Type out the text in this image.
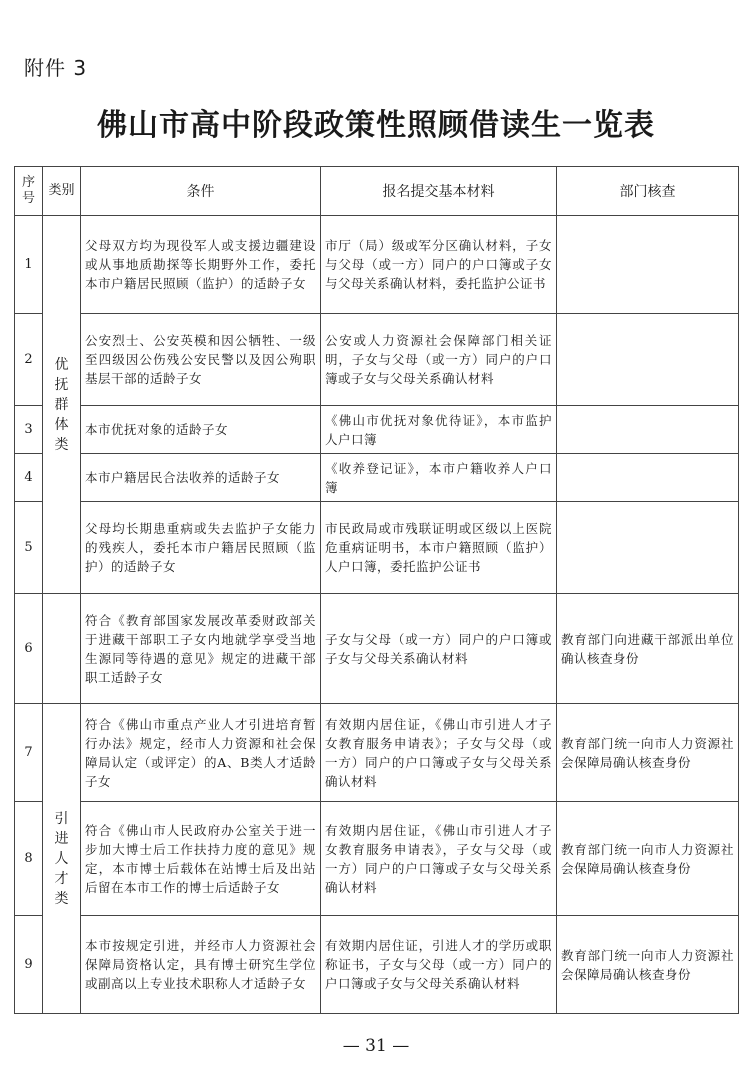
附件 3
佛山市高中阶段政策性照顾借读生一览表
序号	类别	条件	报名提交基本材料	部门核查
1	优抚群体类	父母双方均为现役军人或支援边疆建设或从事地质勘探等长期野外工作，委托本市户籍居民照顾（监护）的适龄子女	市厅（局）级或军分区确认材料，子女与父母（或一方）同户的户口簿或子女与父母关系确认材料，委托监护公证书	
2		公安烈士、公安英模和因公牺牲、一级至四级因公伤残公安民警以及因公殉职基层干部的适龄子女	公安或人力资源社会保障部门相关证明，子女与父母（或一方）同户的户口簿或子女与父母关系确认材料	
3		本市优抚对象的适龄子女	《佛山市优抚对象优待证》，本市监护人户口簿	
4		本市户籍居民合法收养的适龄子女	《收养登记证》，本市户籍收养人户口簿	
5		父母均长期患重病或失去监护子女能力的残疾人，委托本市户籍居民照顾（监护）的适龄子女	市民政局或市残联证明或区级以上医院危重病证明书，本市户籍照顾（监护）人户口簿，委托监护公证书	
6		符合《教育部国家发展改革委财政部关于进藏干部职工子女内地就学享受当地生源同等待遇的意见》规定的进藏干部职工适龄子女	子女与父母（或一方）同户的户口簿或子女与父母关系确认材料	教育部门向进藏干部派出单位确认核查身份
7	引进人才类	符合《佛山市重点产业人才引进培育暂行办法》规定，经市人力资源和社会保障局认定（或评定）的A、B类人才适龄子女	有效期内居住证，《佛山市引进人才子女教育服务申请表》；子女与父母（或一方）同户的户口簿或子女与父母关系确认材料	教育部门统一向市人力资源社会保障局确认核查身份
8		符合《佛山市人民政府办公室关于进一步加大博士后工作扶持力度的意见》规定，本市博士后载体在站博士后及出站后留在本市工作的博士后适龄子女	有效期内居住证，《佛山市引进人才子女教育服务申请表》，子女与父母（或一方）同户的户口簿或子女与父母关系确认材料	教育部门统一向市人力资源社会保障局确认核查身份
9		本市按规定引进，并经市人力资源社会保障局资格认定，具有博士研究生学位或副高以上专业技术职称人才适龄子女	有效期内居住证，引进人才的学历或职称证书，子女与父母（或一方）同户的户口簿或子女与父母关系确认材料	教育部门统一向市人力资源社会保障局确认核查身份
— 31 —
